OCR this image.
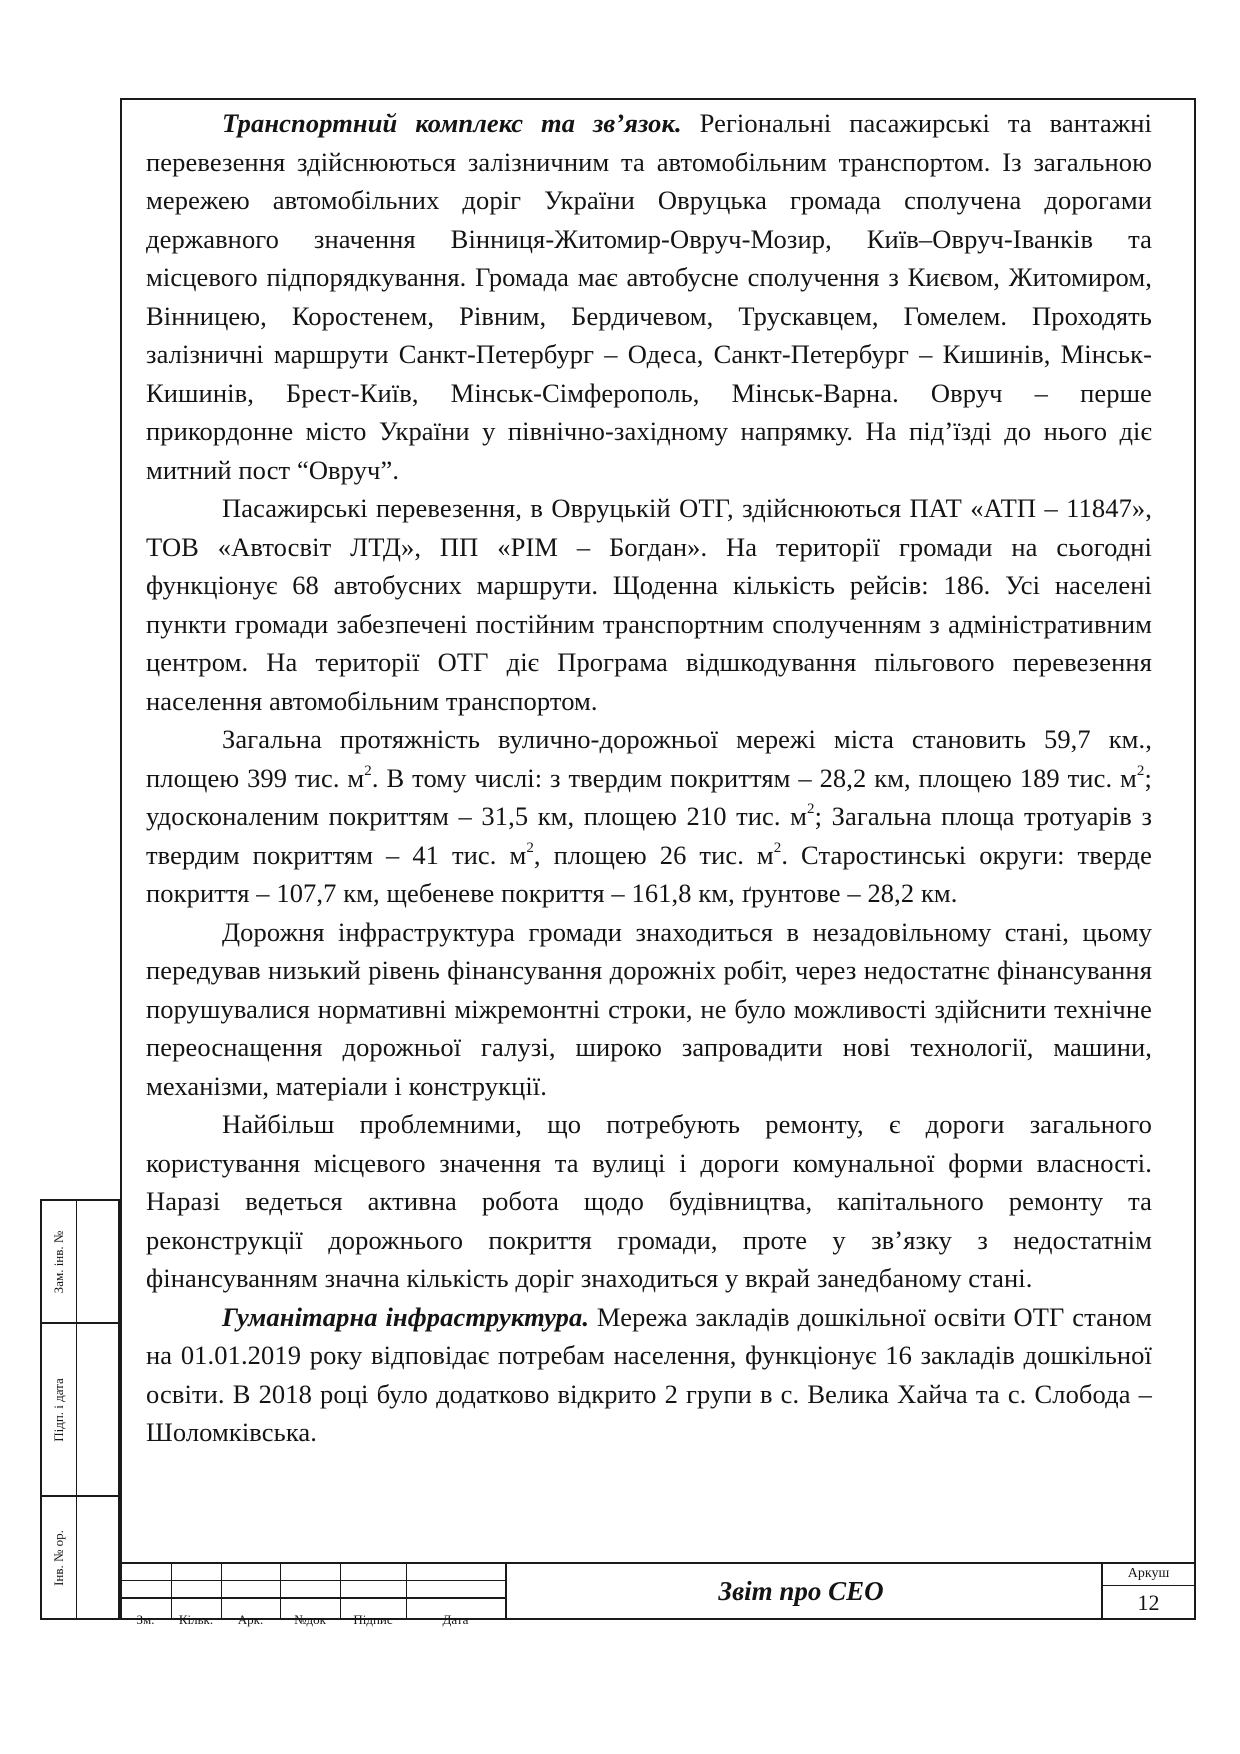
Транспортний комплекс та зв’язок. Регіональні пасажирські та вантажні перевезення здійснюються залізничним та автомобільним транспортом. Із загальною мережею автомобільних доріг України Овруцька громада сполучена дорогами державного значення Вінниця-Житомир-Овруч-Мозир, Київ–Овруч-Іванків та місцевого підпорядкування. Громада має автобусне сполучення з Києвом, Житомиром, Вінницею, Коростенем, Рівним, Бердичевом, Трускавцем, Гомелем. Проходять залізничні маршрути Санкт-Петербург – Одеса, Санкт-Петербург – Кишинів, Мінськ-Кишинів, Брест-Київ, Мінськ-Сімферополь, Мінськ-Варна. Овруч – перше прикордонне місто України у північно-західному напрямку. На під’їзді до нього діє митний пост “Овруч”.

Пасажирські перевезення, в Овруцькій ОТГ, здійснюються ПАТ «АТП – 11847», ТОВ «Автосвіт ЛТД», ПП «РІМ – Богдан». На території громади на сьогодні функціонує 68 автобусних маршрути. Щоденна кількість рейсів: 186. Усі населені пункти громади забезпечені постійним транспортним сполученням з адміністративним центром. На території ОТГ діє Програма відшкодування пільгового перевезення населення автомобільним транспортом.

Загальна протяжність вулично-дорожньої мережі міста становить 59,7 км., площею 399 тис. $м^2$. В тому числі: з твердим покриттям – 28,2 км, площею 189 тис. $м^2$; удосконаленим покриттям – 31,5 км, площею 210 тис. $м^2$; Загальна площа тротуарів з твердим покриттям – 41 тис. $м^2$, площею 26 тис. $м^2$. Старостинські округи: тверде покриття – 107,7 км, щебеневе покриття – 161,8 км, ґрунтове – 28,2 км.

Дорожня інфраструктура громади знаходиться в незадовільному стані, цьому передував низький рівень фінансування дорожніх робіт, через недостатнє фінансування порушувалися нормативні міжремонтні строки, не було можливості здійснити технічне переоснащення дорожньої галузі, широко запровадити нові технології, машини, механізми, матеріали і конструкції.

Найбільш проблемними, що потребують ремонту, є дороги загального користування місцевого значення та вулиці і дороги комунальної форми власності. Наразі ведеться активна робота щодо будівництва, капітального ремонту та реконструкції дорожнього покриття громади, проте у зв’язку з недостатнім фінансуванням значна кількість доріг знаходиться у вкрай занедбаному стані.

Гуманітарна інфраструктура. Мережа закладів дошкільної освіти ОТГ станом на 01.01.2019 року відповідає потребам населення, функціонує 16 закладів дошкільної освіти. В 2018 році було додатково відкрито 2 групи в с. Велика Хайча та с. Слобода – Шоломківська.

Зам. інв. №
Підп. і дата
Інв. № ор.
Зм.	Кільк.	Арк.	№док	Підпис	Дата
Звіт про СЕО
Аркуш
12
